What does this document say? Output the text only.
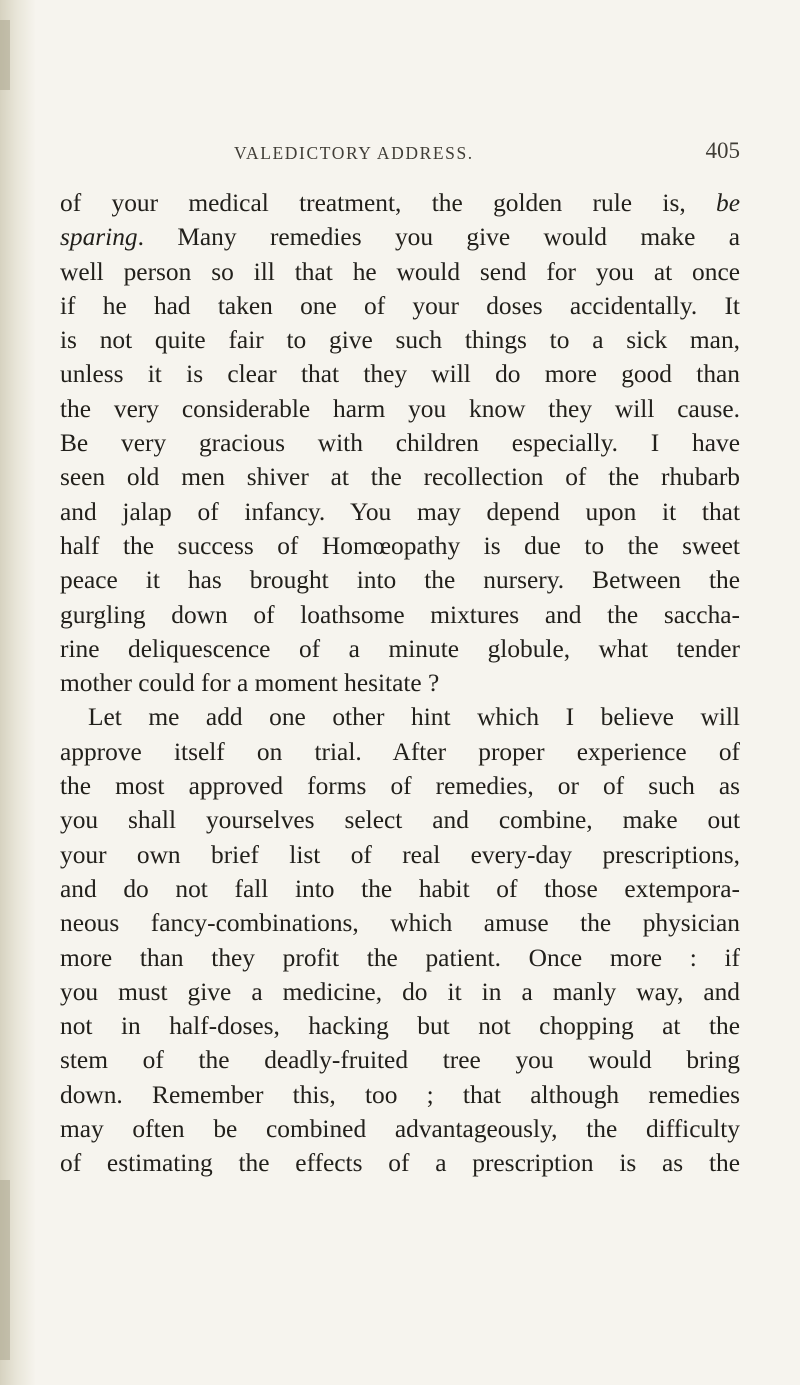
VALEDICTORY ADDRESS.	405
of your medical treatment, the golden rule is, be
sparing. Many remedies you give would make a
well person so ill that he would send for you at once
if he had taken one of your doses accidentally. It
is not quite fair to give such things to a sick man,
unless it is clear that they will do more good than
the very considerable harm you know they will cause.
Be very gracious with children especially. I have
seen old men shiver at the recollection of the rhubarb
and jalap of infancy. You may depend upon it that
half the success of Homœopathy is due to the sweet
peace it has brought into the nursery. Between the
gurgling down of loathsome mixtures and the saccha-
rine deliquescence of a minute globule, what tender
mother could for a moment hesitate ?
Let me add one other hint which I believe will
approve itself on trial. After proper experience of
the most approved forms of remedies, or of such as
you shall yourselves select and combine, make out
your own brief list of real every-day prescriptions,
and do not fall into the habit of those extempora-
neous fancy-combinations, which amuse the physician
more than they profit the patient. Once more : if
you must give a medicine, do it in a manly way, and
not in half-doses, hacking but not chopping at the
stem of the deadly-fruited tree you would bring
down. Remember this, too ; that although remedies
may often be combined advantageously, the difficulty
of estimating the effects of a prescription is as the
